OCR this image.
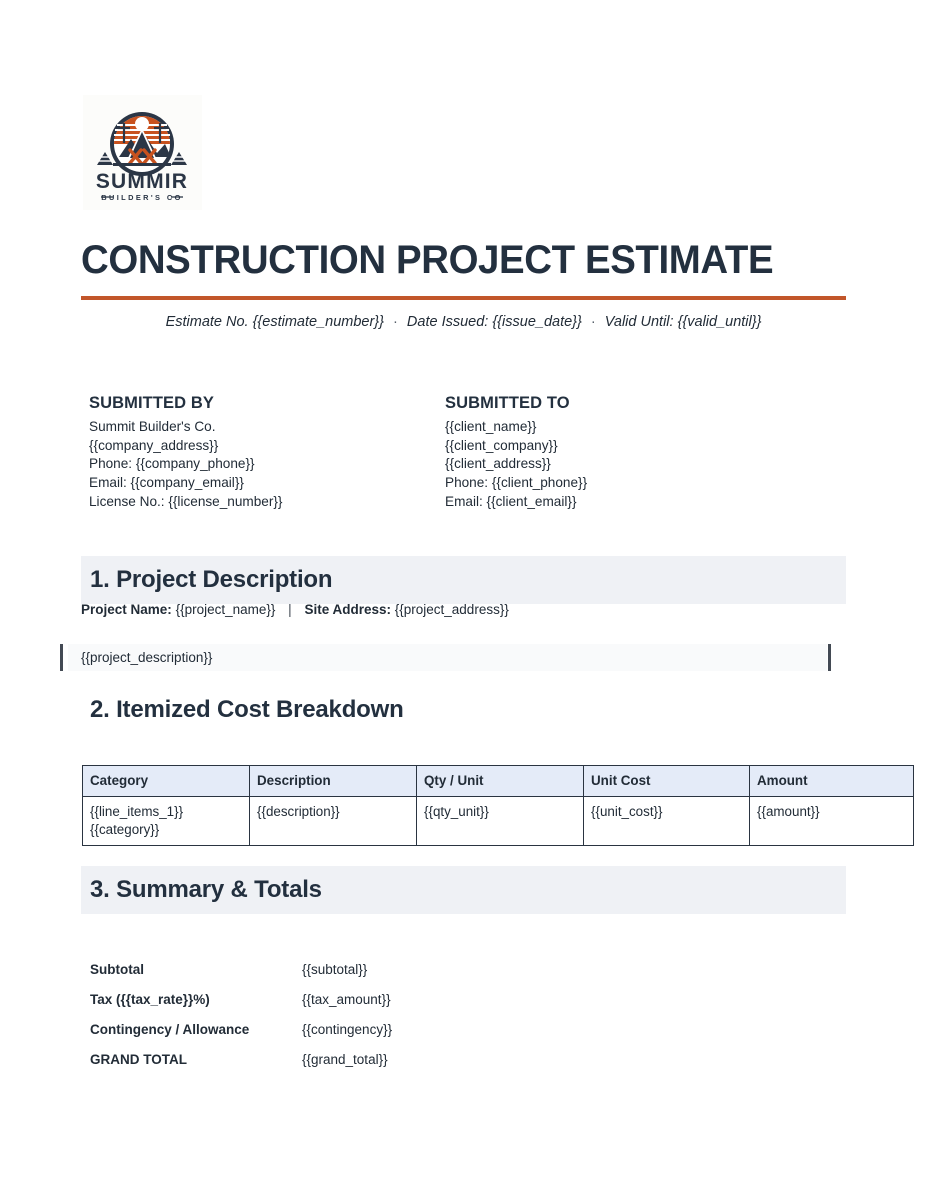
SUMMIR
BUILDER'S CO
CONSTRUCTION PROJECT ESTIMATE
Estimate No. {{estimate_number}} · Date Issued: {{issue_date}} · Valid Until: {{valid_until}}
SUBMITTED BY
Summit Builder's Co.
{{company_address}}
Phone: {{company_phone}}
Email: {{company_email}}
License No.: {{license_number}}
SUBMITTED TO
{{client_name}}
{{client_company}}
{{client_address}}
Phone: {{client_phone}}
Email: {{client_email}}
1. Project Description
Project Name: {{project_name}} | Site Address: {{project_address}}
{{project_description}}
2. Itemized Cost Breakdown
Category	Description	Qty / Unit	Unit Cost	Amount
{{line_items_1}}{{category}}	{{description}}	{{qty_unit}}	{{unit_cost}}	{{amount}}
3. Summary & Totals
Subtotal	{{subtotal}}
Tax ({{tax_rate}}%)	{{tax_amount}}
Contingency / Allowance	{{contingency}}
GRAND TOTAL	{{grand_total}}
